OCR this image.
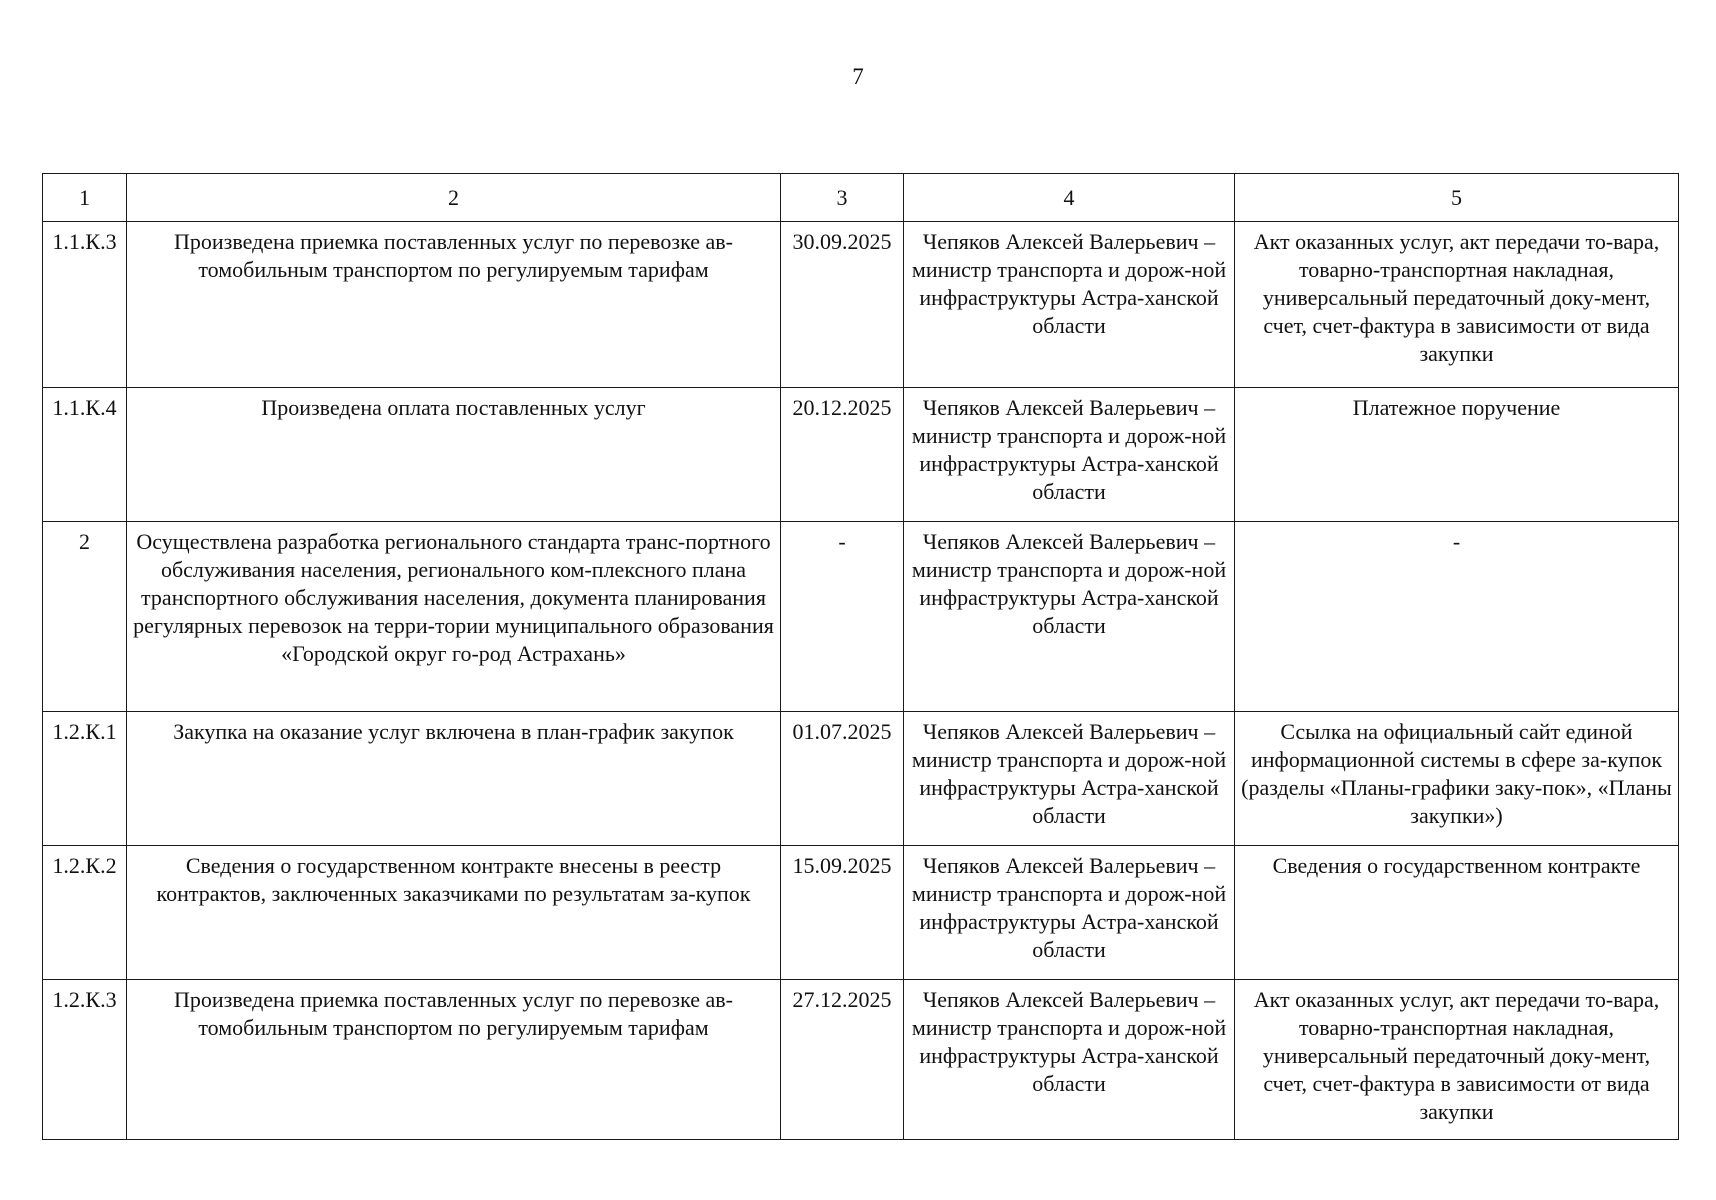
7
1	2	3	4	5
1.1.К.3	Произведена приемка поставленных услуг по перевозке ав-томобильным транспортом по регулируемым тарифам	30.09.2025	Чепяков Алексей Валерьевич – министр транспорта и дорож-ной инфраструктуры Астра-ханской области	Акт оказанных услуг, акт передачи то-вара, товарно-транспортная накладная, универсальный передаточный доку-мент, счет, счет-фактура в зависимости от вида закупки
1.1.К.4	Произведена оплата поставленных услуг	20.12.2025	Чепяков Алексей Валерьевич – министр транспорта и дорож-ной инфраструктуры Астра-ханской области	Платежное поручение
2	Осуществлена разработка регионального стандарта транс-портного обслуживания населения, регионального ком-плексного плана транспортного обслуживания населения, документа планирования регулярных перевозок на терри-тории муниципального образования «Городской округ го-род Астрахань»	-	Чепяков Алексей Валерьевич – министр транспорта и дорож-ной инфраструктуры Астра-ханской области	-
1.2.К.1	Закупка на оказание услуг включена в план-график закупок	01.07.2025	Чепяков Алексей Валерьевич – министр транспорта и дорож-ной инфраструктуры Астра-ханской области	Ссылка на официальный сайт единой информационной системы в сфере за-купок (разделы «Планы-графики заку-пок», «Планы закупки»)
1.2.К.2	Сведения о государственном контракте внесены в реестр контрактов, заключенных заказчиками по результатам за-купок	15.09.2025	Чепяков Алексей Валерьевич – министр транспорта и дорож-ной инфраструктуры Астра-ханской области	Сведения о государственном контракте
1.2.К.3	Произведена приемка поставленных услуг по перевозке ав-томобильным транспортом по регулируемым тарифам	27.12.2025	Чепяков Алексей Валерьевич – министр транспорта и дорож-ной инфраструктуры Астра-ханской области	Акт оказанных услуг, акт передачи то-вара, товарно-транспортная накладная, универсальный передаточный доку-мент, счет, счет-фактура в зависимости от вида закупки
